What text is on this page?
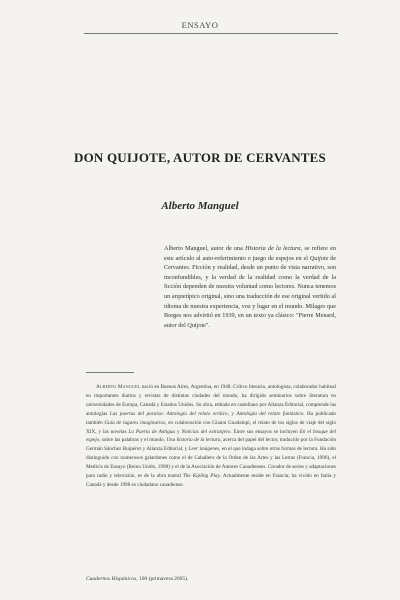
ENSAYO
DON QUIJOTE, AUTOR DE CERVANTES
Alberto Manguel

Alberto Manguel, autor de una Historia de la lectura, se refiere en este artículo al auto-referimiento o juego de espejos en el Quijote de Cervantes. Ficción y realidad, desde un punto de vista narrativo, son inconfundibles, y la verdad de la realidad como la verdad de la ficción dependen de nuestra voluntad como lectores. Nunca tenemos un arquetípico original, sino una traducción de ese original vertido al idioma de nuestra experiencia, voz y lugar en el mundo. Milagro que Borges nos advirtió en 1939, en un texto ya clásico: "Pierre Menard, autor del Quijote".

Alberto Manguel nació en Buenos Aires, Argentina, en 1948. Crítico literario, antologista, colaborador habitual en importantes diarios y revistas de distintas ciudades del mundo, ha dirigido seminarios sobre literatura en universidades de Europa, Canadá y Estados Unidos. Su obra, editada en castellano por Alianza Editorial, comprende las antologías Las puertas del paraíso: Antología del relato erótico, y Antología del relato fantástico. Ha publicado también Guía de lugares imaginarios, en colaboración con Gianni Guadalupi, el relato de los siglos de viaje del siglo XIX, y las novelas La Puerta de Antigua y Noticias del extranjero. Entre sus ensayos se incluyen En el bosque del espejo, sobre las palabras y el mundo, Una historia de la lectura, acerca del papel del lector, traducido por la Fundación Germán Sánchez Ruipérez y Alianza Editorial, y Leer imágenes, en el que indaga sobre otras formas de lectura. Ha sido distinguido con numerosos galardones como el de Caballero de la Orden de las Artes y las Letras (Francia, 1996), el Medicis de Ensayo (Reino Unido, 1998) y el de la Asociación de Autores Canadienses. Creador de series y adaptaciones para radio y televisión, es de la obra teatral The Kipling Play. Actualmente reside en Francia; ha vivido en Italia y Canadá y desde 1998 es ciudadano canadiense.

Cuadernos Hispánicos, 100 (primavera 2005).
